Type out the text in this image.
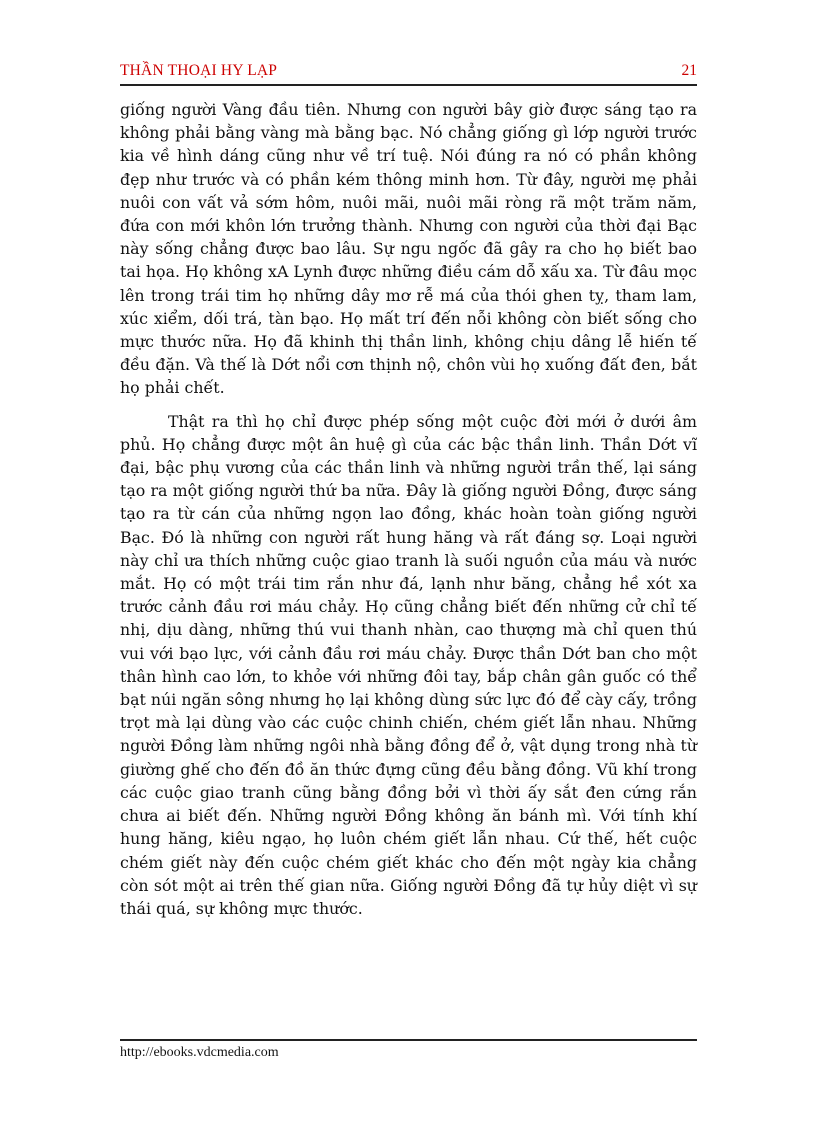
THẦN THOẠI HY LẠP	21

giống người Vàng đầu tiên. Nhưng con người bây giờ được sáng tạo ra không phải bằng vàng mà bằng bạc. Nó chẳng giống gì lớp người trước kia về hình dáng cũng như về trí tuệ. Nói đúng ra nó có phần không đẹp như trước và có phần kém thông minh hơn. Từ đây, người mẹ phải nuôi con vất vả sớm hôm, nuôi mãi, nuôi mãi ròng rã một trăm năm, đứa con mới khôn lớn trưởng thành. Nhưng con người của thời đại Bạc này sống chẳng được bao lâu. Sự ngu ngốc đã gây ra cho họ biết bao tai họa. Họ không xA Lynh được những điều cám dỗ xấu xa. Từ đâu mọc lên trong trái tim họ những dây mơ rễ má của thói ghen tỵ, tham lam, xúc xiểm, dối trá, tàn bạo. Họ mất trí đến nỗi không còn biết sống cho mực thước nữa. Họ đã khinh thị thần linh, không chịu dâng lễ hiến tế đều đặn. Và thế là Dớt nổi cơn thịnh nộ, chôn vùi họ xuống đất đen, bắt họ phải chết.

Thật ra thì họ chỉ được phép sống một cuộc đời mới ở dưới âm phủ. Họ chẳng được một ân huệ gì của các bậc thần linh. Thần Dớt vĩ đại, bậc phụ vương của các thần linh và những người trần thế, lại sáng tạo ra một giống người thứ ba nữa. Đây là giống người Đồng, được sáng tạo ra từ cán của những ngọn lao đồng, khác hoàn toàn giống người Bạc. Đó là những con người rất hung hăng và rất đáng sợ. Loại người này chỉ ưa thích những cuộc giao tranh là suối nguồn của máu và nước mắt. Họ có một trái tim rắn như đá, lạnh như băng, chẳng hề xót xa trước cảnh đầu rơi máu chảy. Họ cũng chẳng biết đến những cử chỉ tế nhị, dịu dàng, những thú vui thanh nhàn, cao thượng mà chỉ quen thú vui với bạo lực, với cảnh đầu rơi máu chảy. Được thần Dớt ban cho một thân hình cao lớn, to khỏe với những đôi tay, bắp chân gân guốc có thể bạt núi ngăn sông nhưng họ lại không dùng sức lực đó để cày cấy, trồng trọt mà lại dùng vào các cuộc chinh chiến, chém giết lẫn nhau. Những người Đồng làm những ngôi nhà bằng đồng để ở, vật dụng trong nhà từ giường ghế cho đến đồ ăn thức đựng cũng đều bằng đồng. Vũ khí trong các cuộc giao tranh cũng bằng đồng bởi vì thời ấy sắt đen cứng rắn chưa ai biết đến. Những người Đồng không ăn bánh mì. Với tính khí hung hăng, kiêu ngạo, họ luôn chém giết lẫn nhau. Cứ thế, hết cuộc chém giết này đến cuộc chém giết khác cho đến một ngày kia chẳng còn sót một ai trên thế gian nữa. Giống người Đồng đã tự hủy diệt vì sự thái quá, sự không mực thước.

http://ebooks.vdcmedia.com
